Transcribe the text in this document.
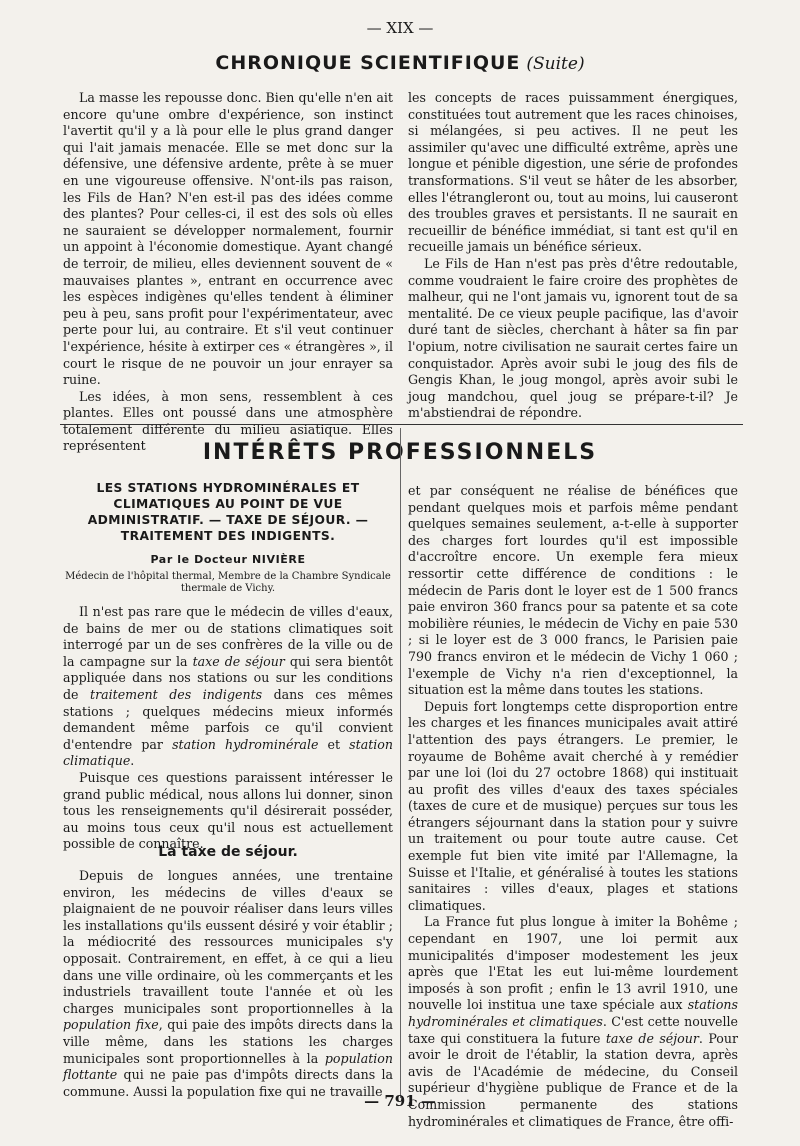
— XIX —
CHRONIQUE SCIENTIFIQUE (Suite)

La masse les repousse donc. Bien qu'elle n'en ait encore qu'une ombre d'expérience, son instinct l'avertit qu'il y a là pour elle le plus grand danger qui l'ait jamais menacée. Elle se met donc sur la défensive, une défensive ardente, prête à se muer en une vigoureuse offensive. N'ont-ils pas raison, les Fils de Han? N'en est-il pas des idées comme des plantes? Pour celles-ci, il est des sols où elles ne sauraient se développer normalement, fournir un appoint à l'économie domestique. Ayant changé de terroir, de milieu, elles deviennent souvent de « mauvaises plantes », entrant en occurrence avec les espèces indigènes qu'elles tendent à éliminer peu à peu, sans profit pour l'expérimentateur, avec perte pour lui, au contraire. Et s'il veut continuer l'expérience, hésite à extirper ces « étrangères », il court le risque de ne pouvoir un jour enrayer sa ruine.

Les idées, à mon sens, ressemblent à ces plantes. Elles ont poussé dans une atmosphère totalement différente du milieu asiatique. Elles représentent

les concepts de races puissamment énergiques, constituées tout autrement que les races chinoises, si mélangées, si peu actives. Il ne peut les assimiler qu'avec une difficulté extrême, après une longue et pénible digestion, une série de profondes transformations. S'il veut se hâter de les absorber, elles l'étrangleront ou, tout au moins, lui causeront des troubles graves et persistants. Il ne saurait en recueillir de bénéfice immédiat, si tant est qu'il en recueille jamais un bénéfice sérieux.

Le Fils de Han n'est pas près d'être redoutable, comme voudraient le faire croire des prophètes de malheur, qui ne l'ont jamais vu, ignorent tout de sa mentalité. De ce vieux peuple pacifique, las d'avoir duré tant de siècles, cherchant à hâter sa fin par l'opium, notre civilisation ne saurait certes faire un conquistador. Après avoir subi le joug des fils de Gengis Khan, le joug mongol, après avoir subi le joug mandchou, quel joug se prépare-t-il? Je m'abstiendrai de répondre.

INTÉRÊTS PROFESSIONNELS
LES STATIONS HYDROMINÉRALES ET CLIMATIQUES AU POINT DE VUE ADMINISTRATIF. — TAXE DE SÉJOUR. — TRAITEMENT DES INDIGENTS.
Par le Docteur NIVIÈRE
Médecin de l'hôpital thermal, Membre de la Chambre Syndicale thermale de Vichy.

Il n'est pas rare que le médecin de villes d'eaux, de bains de mer ou de stations climatiques soit interrogé par un de ses confrères de la ville ou de la campagne sur la taxe de séjour qui sera bientôt appliquée dans nos stations ou sur les conditions de traitement des indigents dans ces mêmes stations ; quelques médecins mieux informés demandent même parfois ce qu'il convient d'entendre par station hydrominérale et station climatique.

Puisque ces questions paraissent intéresser le grand public médical, nous allons lui donner, sinon tous les renseignements qu'il désirerait posséder, au moins tous ceux qu'il nous est actuellement possible de connaître.

La taxe de séjour.

Depuis de longues années, une trentaine environ, les médecins de villes d'eaux se plaignaient de ne pouvoir réaliser dans leurs villes les installations qu'ils eussent désiré y voir établir ; la médiocrité des ressources municipales s'y opposait. Contrairement, en effet, à ce qui a lieu dans une ville ordinaire, où les commerçants et les industriels travaillent toute l'année et où les charges municipales sont proportionnelles à la population fixe, qui paie des impôts directs dans la ville même, dans les stations les charges municipales sont proportionnelles à la population flottante qui ne paie pas d'impôts directs dans la commune. Aussi la population fixe qui ne travaille

et par conséquent ne réalise de bénéfices que pendant quelques mois et parfois même pendant quelques semaines seulement, a-t-elle à supporter des charges fort lourdes qu'il est impossible d'accroître encore. Un exemple fera mieux ressortir cette différence de conditions : le médecin de Paris dont le loyer est de 1 500 francs paie environ 360 francs pour sa patente et sa cote mobilière réunies, le médecin de Vichy en paie 530 ; si le loyer est de 3 000 francs, le Parisien paie 790 francs environ et le médecin de Vichy 1 060 ; l'exemple de Vichy n'a rien d'exceptionnel, la situation est la même dans toutes les stations.

Depuis fort longtemps cette disproportion entre les charges et les finances municipales avait attiré l'attention des pays étrangers. Le premier, le royaume de Bohême avait cherché à y remédier par une loi (loi du 27 octobre 1868) qui instituait au profit des villes d'eaux des taxes spéciales (taxes de cure et de musique) perçues sur tous les étrangers séjournant dans la station pour y suivre un traitement ou pour toute autre cause. Cet exemple fut bien vite imité par l'Allemagne, la Suisse et l'Italie, et généralisé à toutes les stations sanitaires : villes d'eaux, plages et stations climatiques.

La France fut plus longue à imiter la Bohême ; cependant en 1907, une loi permit aux municipalités d'imposer modestement les jeux après que l'Etat les eut lui-même lourdement imposés à son profit ; enfin le 13 avril 1910, une nouvelle loi institua une taxe spéciale aux stations hydrominérales et climatiques. C'est cette nouvelle taxe qui constituera la future taxe de séjour. Pour avoir le droit de l'établir, la station devra, après avis de l'Académie de médecine, du Conseil supérieur d'hygiène publique de France et de la Commission permanente des stations hydrominérales et climatiques de France, être offi-

— 791 —
